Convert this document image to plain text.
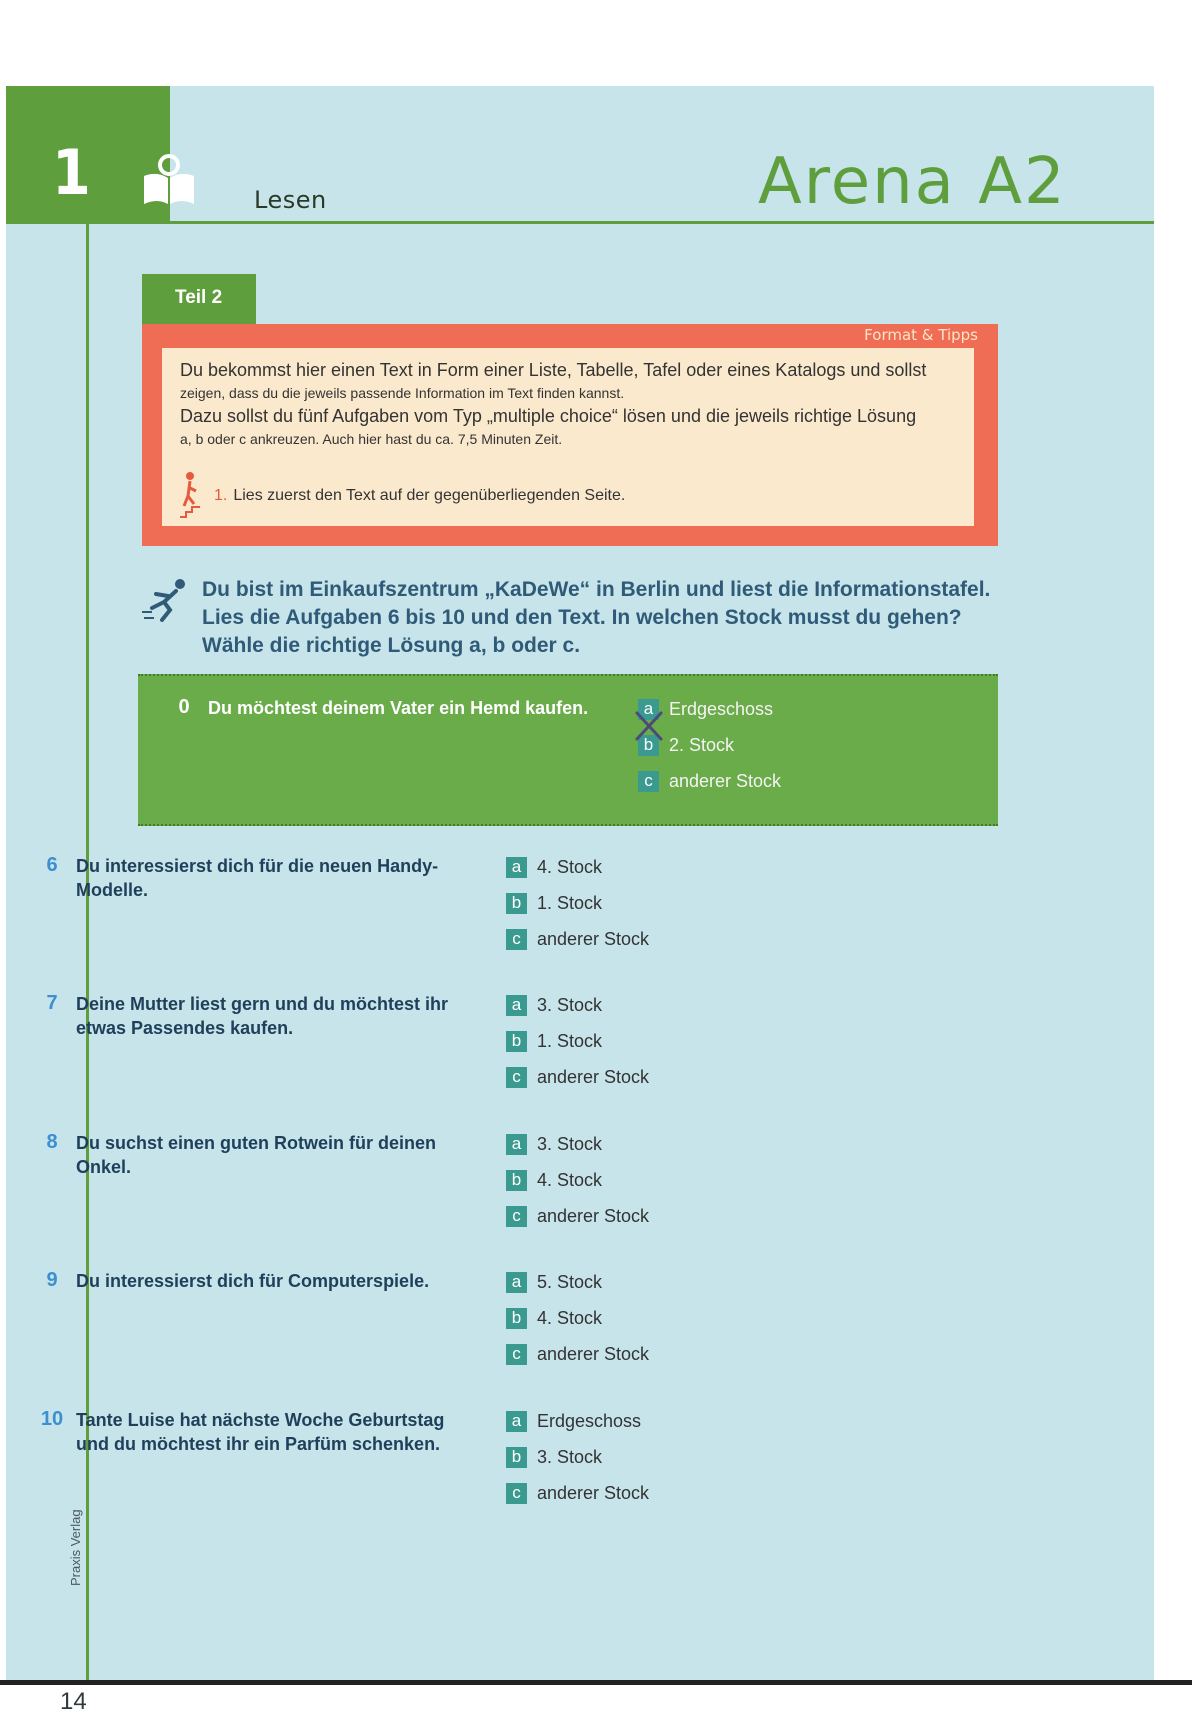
1	Lesen	Arena A2
Teil 2
Format & Tipps

Du bekommst hier einen Text in Form einer Liste, Tabelle, Tafel oder eines Katalogs und sollst

zeigen, dass du die jeweils passende Information im Text finden kannst.

Dazu sollst du fünf Aufgaben vom Typ „multiple choice“ lösen und die jeweils richtige Lösung

a, b oder c ankreuzen. Auch hier hast du ca. 7,5 Minuten Zeit.

1. Lies zuerst den Text auf der gegenüberliegenden Seite.
Du bist im Einkaufszentrum „KaDeWe“ in Berlin und liest die Informationstafel.
Lies die Aufgaben 6 bis 10 und den Text. In welchen Stock musst du gehen?
Wähle die richtige Lösung a, b oder c.
0	Du möchtest deinem Vater ein Hemd kaufen.	a Erdgeschoss
b 2. Stock
c anderer Stock
6	Du interessierst dich für die neuen Handy-Modelle.
a 4. Stock
b 1. Stock
c anderer Stock
7	Deine Mutter liest gern und du möchtest ihr etwas Passendes kaufen.
a 3. Stock
b 1. Stock
c anderer Stock
8	Du suchst einen guten Rotwein für deinen Onkel.
a 3. Stock
b 4. Stock
c anderer Stock
9	Du interessierst dich für Computerspiele.	a 5. Stock
b 4. Stock
c anderer Stock
10 Tante Luise hat nächste Woche Geburtstag und du möchtest ihr ein Parfüm schenken.
a Erdgeschoss
b 3. Stock
c anderer Stock
Praxis Verlag
14
